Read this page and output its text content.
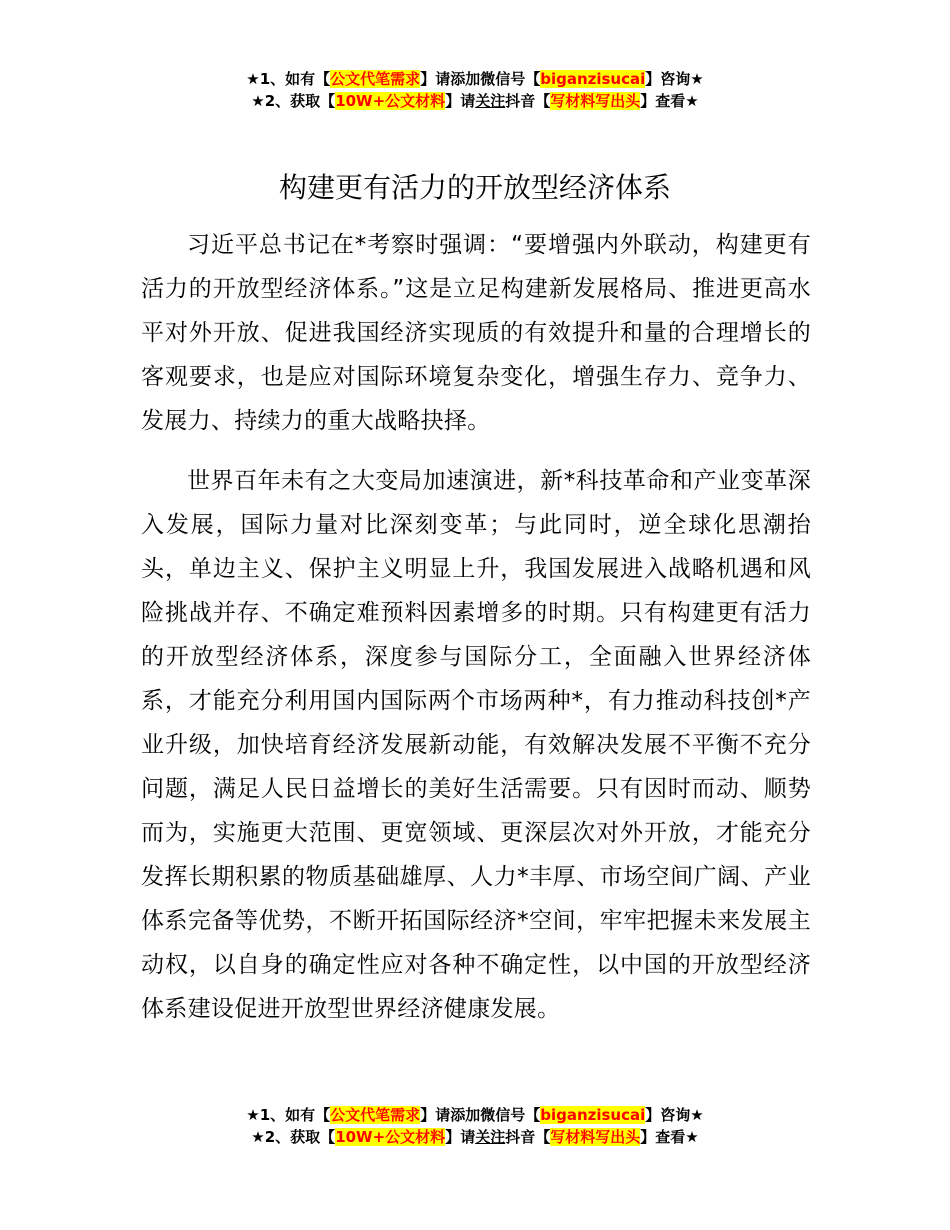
★1、如有【公文代笔需求】请添加微信号【biganzisucai】咨询★
★2、获取【10W+公文材料】请关注抖音【写材料写出头】查看★
构建更有活力的开放型经济体系

习近平总书记在*考察时强调：“要增强内外联动，构建更有活力的开放型经济体系。”这是立足构建新发展格局、推进更高水平对外开放、促进我国经济实现质的有效提升和量的合理增长的客观要求，也是应对国际环境复杂变化，增强生存力、竞争力、发展力、持续力的重大战略抉择。

世界百年未有之大变局加速演进，新*科技革命和产业变革深入发展，国际力量对比深刻变革；与此同时，逆全球化思潮抬头，单边主义、保护主义明显上升，我国发展进入战略机遇和风险挑战并存、不确定难预料因素增多的时期。只有构建更有活力的开放型经济体系，深度参与国际分工，全面融入世界经济体系，才能充分利用国内国际两个市场两种*，有力推动科技创*产业升级，加快培育经济发展新动能，有效解决发展不平衡不充分问题，满足人民日益增长的美好生活需要。只有因时而动、顺势而为，实施更大范围、更宽领域、更深层次对外开放，才能充分发挥长期积累的物质基础雄厚、人力*丰厚、市场空间广阔、产业体系完备等优势，不断开拓国际经济*空间，牢牢把握未来发展主动权，以自身的确定性应对各种不确定性，以中国的开放型经济体系建设促进开放型世界经济健康发展。

★1、如有【公文代笔需求】请添加微信号【biganzisucai】咨询★
★2、获取【10W+公文材料】请关注抖音【写材料写出头】查看★
